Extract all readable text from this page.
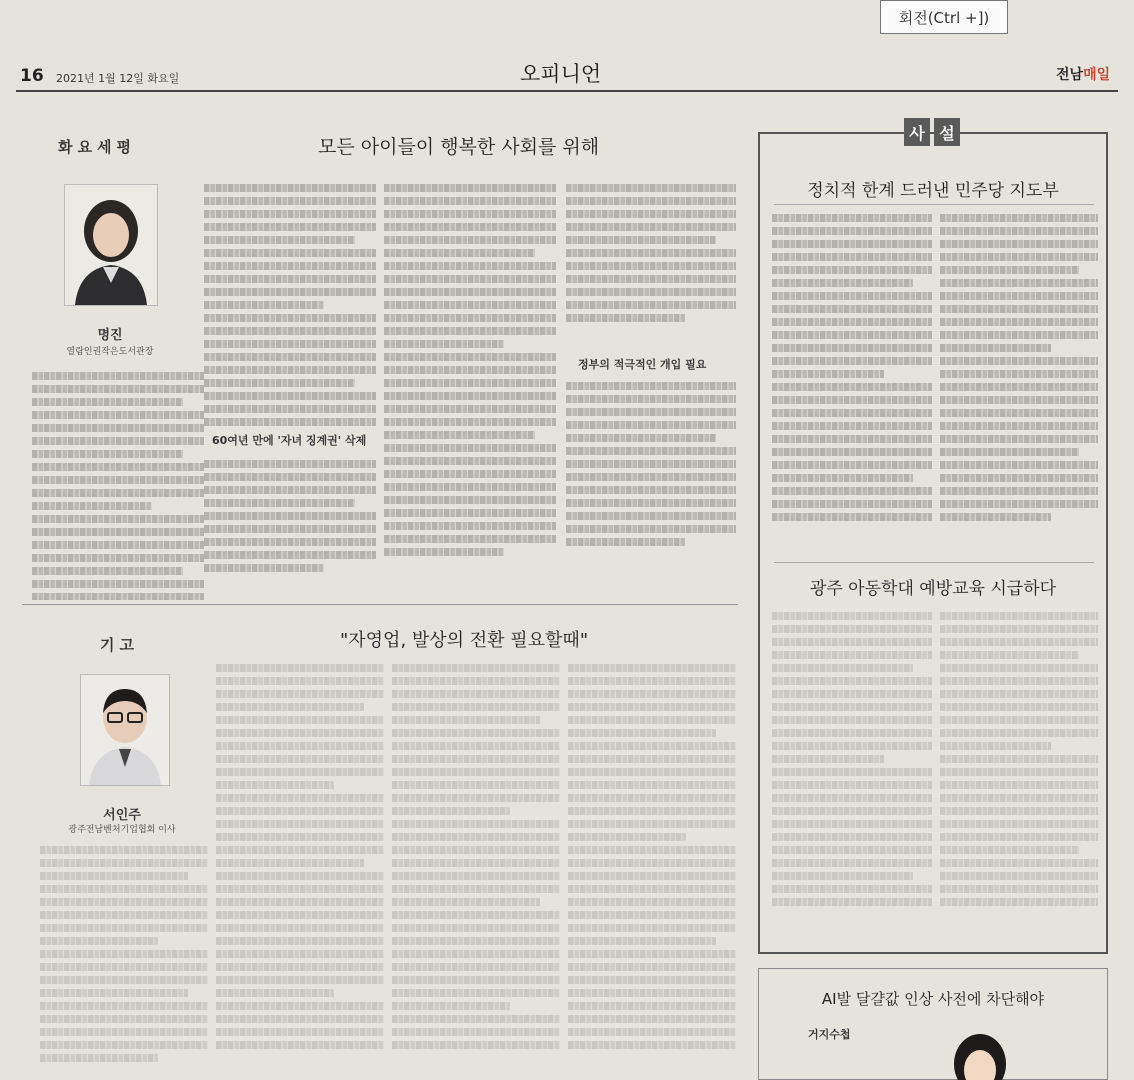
회전(Ctrl +])
16 2021년 1월 12일 화요일	오피니언	전남매일
화요세평	모든 아이들이 행복한 사회를 위해
명진
열람인권작은도서관장
60여년 만에 '자녀 징계권' 삭제
정부의 적극적인 개입 필요
기고	"자영업, 발상의 전환 필요할때"
서인주
광주전남벤처기업협회 이사
사 설
정치적 한계 드러낸 민주당 지도부
광주 아동학대 예방교육 시급하다
AI발 달걀값 인상 사전에 차단해야
거지수첩
